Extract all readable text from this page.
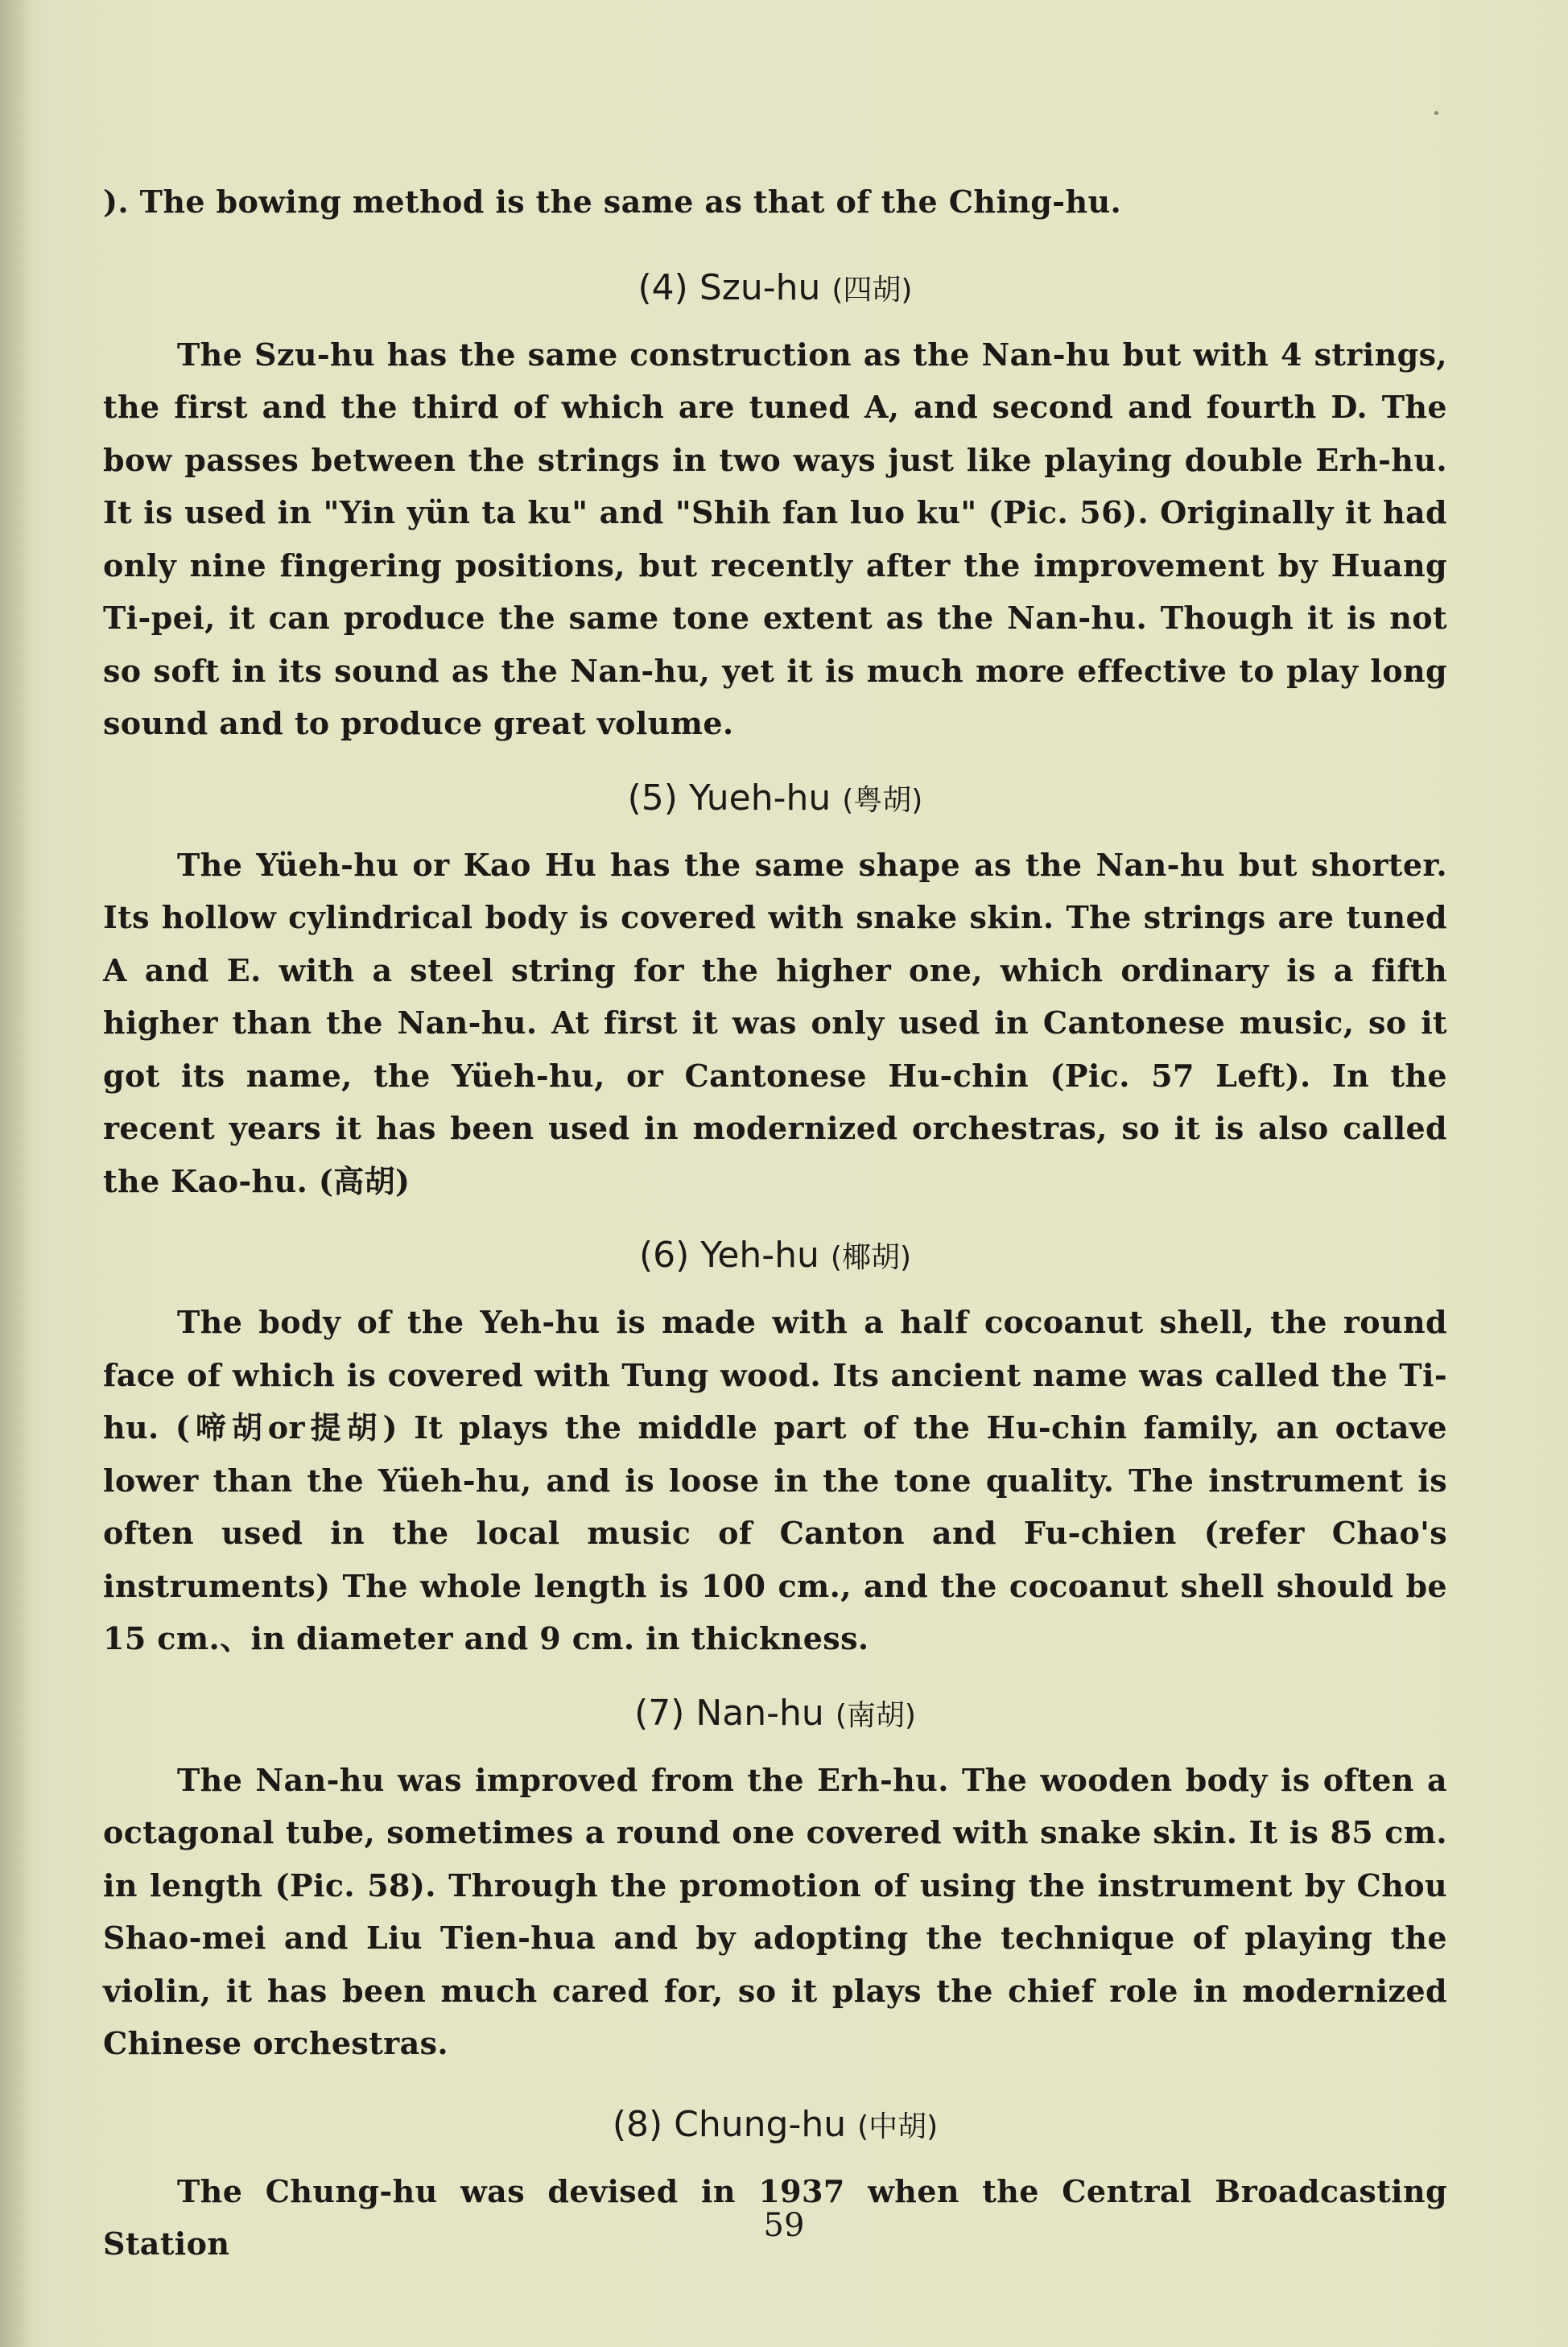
). The bowing method is the same as that of the Ching-hu.

(4) Szu-hu (四胡)

The Szu-hu has the same construction as the Nan-hu but with 4 strings, the first and the third of which are tuned A, and second and fourth D. The bow passes between the strings in two ways just like playing double Erh-hu. It is used in "Yin yün ta ku" and "Shih fan luo ku" (Pic. 56). Originally it had only nine fingering positions, but recently after the improvement by Huang Ti-pei, it can produce the same tone extent as the Nan-hu. Though it is not so soft in its sound as the Nan-hu, yet it is much more effective to play long sound and to produce great volume.

(5) Yueh-hu (粤胡)

The Yüeh-hu or Kao Hu has the same shape as the Nan-hu but shorter. Its hollow cylindrical body is covered with snake skin. The strings are tuned A and E. with a steel string for the higher one, which ordinary is a fifth higher than the Nan-hu. At first it was only used in Cantonese music, so it got its name, the Yüeh-hu, or Cantonese Hu-chin (Pic. 57 Left). In the recent years it has been used in modernized orchestras, so it is also called the Kao-hu. (高胡)

(6) Yeh-hu (椰胡)

The body of the Yeh-hu is made with a half cocoanut shell, the round face of which is covered with Tung wood. Its ancient name was called the Ti-hu. (啼胡or提胡) It plays the middle part of the Hu-chin family, an octave lower than the Yüeh-hu, and is loose in the tone quality. The instrument is often used in the local music of Canton and Fu-chien (refer Chao's instruments) The whole length is 100 cm., and the cocoanut shell should be 15 cm.、in diameter and 9 cm. in thickness.

(7) Nan-hu (南胡)

The Nan-hu was improved from the Erh-hu. The wooden body is often a octagonal tube, sometimes a round one covered with snake skin. It is 85 cm. in length (Pic. 58). Through the promotion of using the instrument by Chou Shao-mei and Liu Tien-hua and by adopting the technique of playing the violin, it has been much cared for, so it plays the chief role in modernized Chinese orchestras.

(8) Chung-hu (中胡)

The Chung-hu was devised in 1937 when the Central Broadcasting Station	59
